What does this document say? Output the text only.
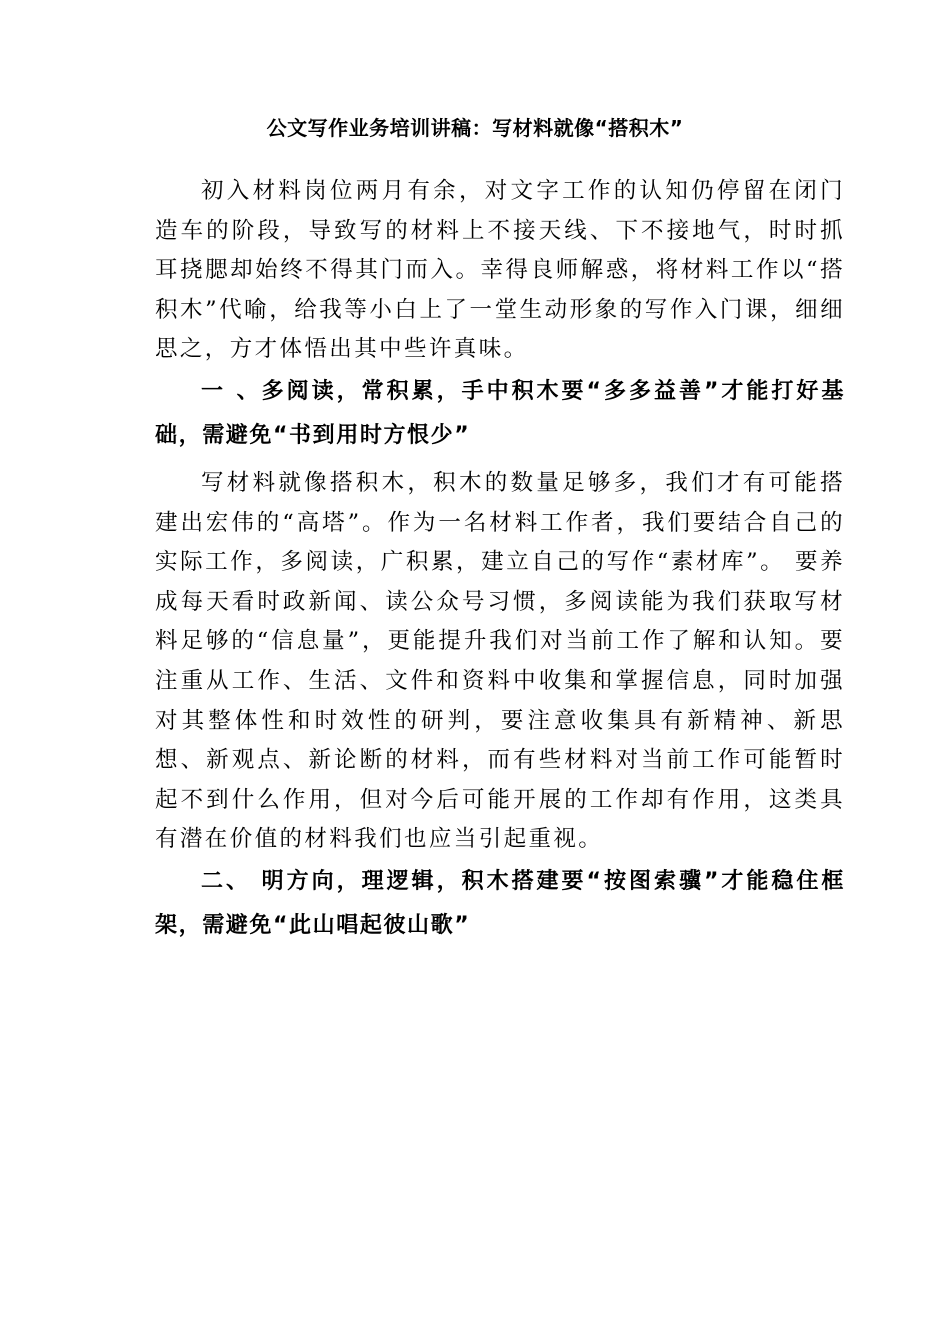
公文写作业务培训讲稿：写材料就像“搭积木”

初入材料岗位两月有余，对文字工作的认知仍停留在闭门造车的阶段，导致写的材料上不接天线、下不接地气，时时抓耳挠腮却始终不得其门而入。幸得良师解惑，将材料工作以“搭积木”代喻，给我等小白上了一堂生动形象的写作入门课，细细思之，方才体悟出其中些许真味。

一 、多阅读，常积累，手中积木要“多多益善”才能打好基础，需避免“书到用时方恨少”

写材料就像搭积木，积木的数量足够多，我们才有可能搭建出宏伟的“高塔”。作为一名材料工作者，我们要结合自己的实际工作，多阅读，广积累，建立自己的写作“素材库”。 要养成每天看时政新闻、读公众号习惯，多阅读能为我们获取写材料足够的“信息量”，更能提升我们对当前工作了解和认知。要注重从工作、生活、文件和资料中收集和掌握信息，同时加强对其整体性和时效性的研判，要注意收集具有新精神、新思想、新观点、新论断的材料，而有些材料对当前工作可能暂时起不到什么作用，但对今后可能开展的工作却有作用，这类具有潜在价值的材料我们也应当引起重视。

二、 明方向，理逻辑，积木搭建要“按图索骥”才能稳住框架，需避免“此山唱起彼山歌”
